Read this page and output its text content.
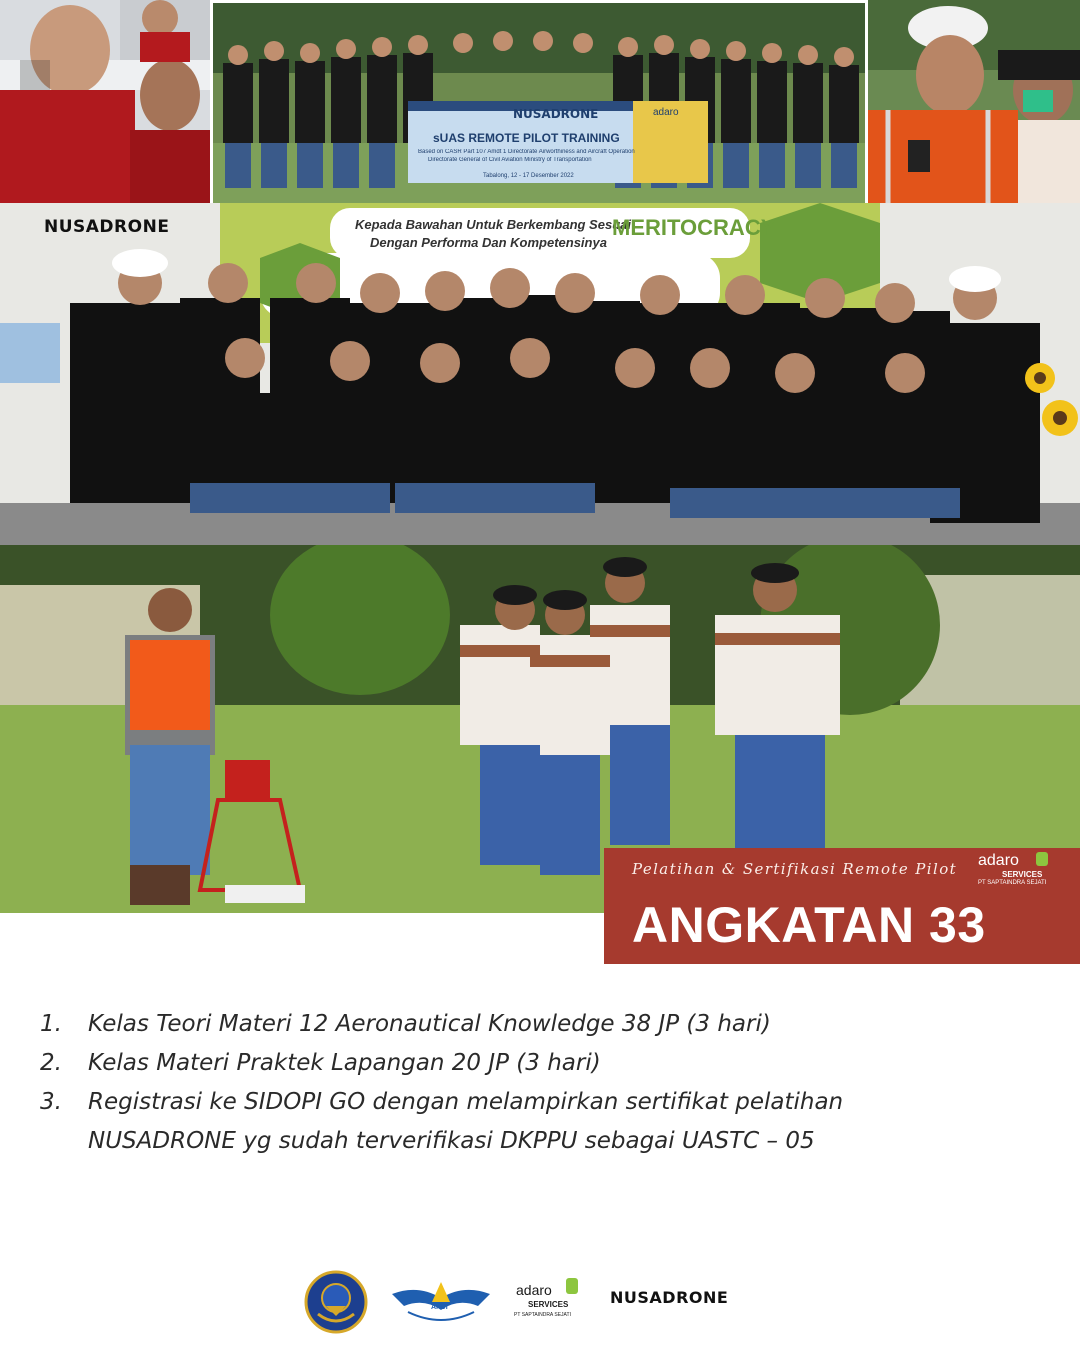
NUSADRONE
sUAS REMOTE PILOT TRAINING
Based on CASR Part 107 Amdt 1 Directorate Airworthiness and Aircraft Operation
Directorate General of Civil Aviation Ministry of Transportation
Tabalong, 12 - 17 Desember 2022
adaro
Kepada Bawahan Untuk Berkembang Sesuai
Dengan Performa Dan Kompetensinya
MERITOCRACY
NUSADRONE
Pelatihan & Sertifikasi Remote Pilot adaro
SERVICES
PT SAPTAINDRA SEJATI
ANGKATAN 33
1.	Kelas Teori Materi 12 Aeronautical Knowledge 38 JP (3 hari)
2.	Kelas Materi Praktek Lapangan 20 JP (3 hari)
3.	Registrasi ke SIDOPI GO dengan melampirkan sertifikat pelatihan NUSADRONE yg sudah terverifikasi DKPPU sebagai UASTC – 05
APDI
adaro
SERVICES
PT SAPTAINDRA SEJATI
NUSADRONE
